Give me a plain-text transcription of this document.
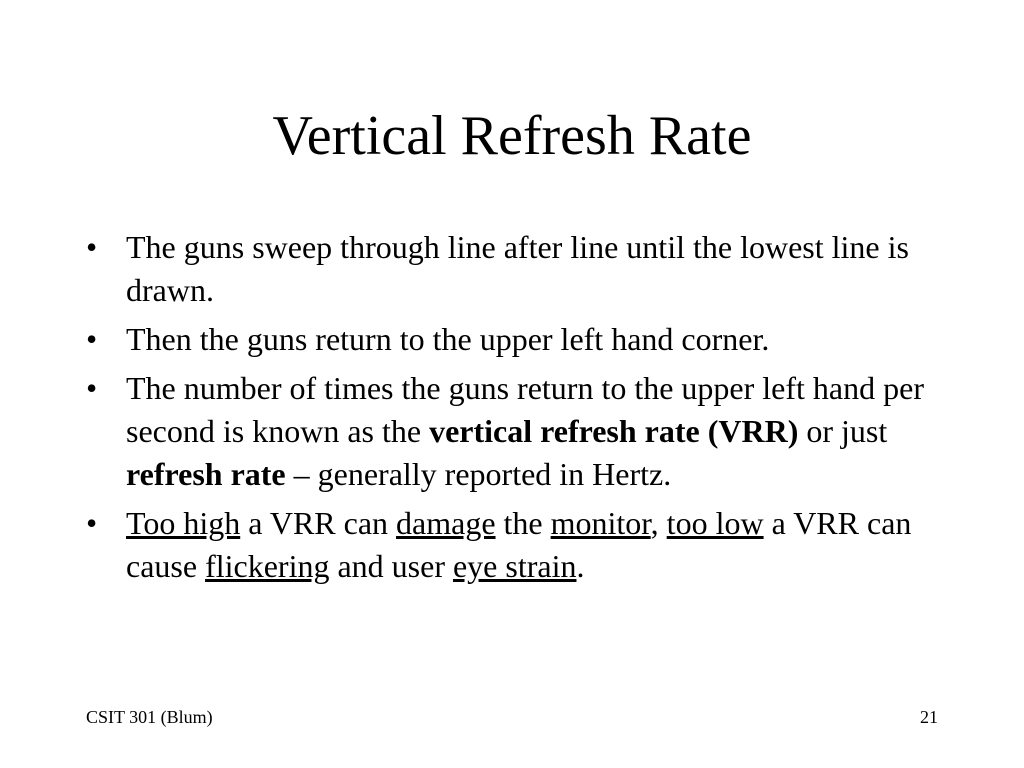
Vertical Refresh Rate
• The guns sweep through line after line until the lowest line is drawn.
• Then the guns return to the upper left hand corner.
• The number of times the guns return to the upper left hand per second is known as the vertical refresh rate (VRR) or just refresh rate – generally reported in Hertz.
• Too high a VRR can damage the monitor, too low a VRR can cause flickering and user eye strain.
CSIT 301 (Blum)	21
